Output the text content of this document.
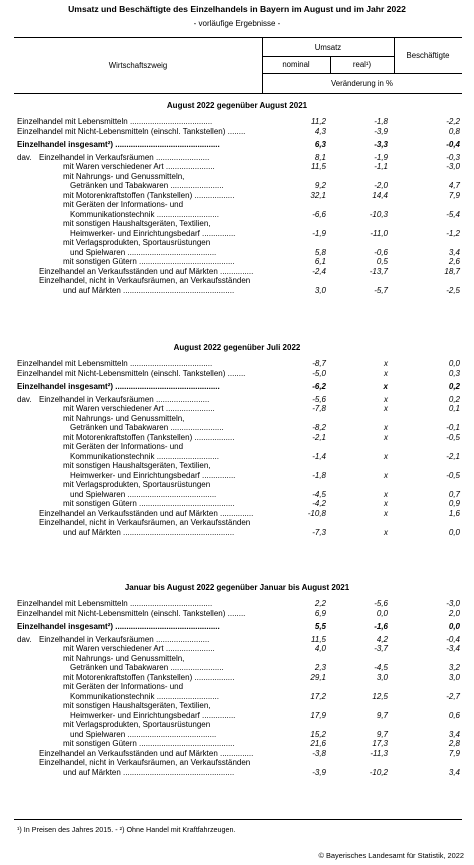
Umsatz und Beschäftigte des Einzelhandels in Bayern im August und im Jahr 2022
- vorläufige Ergebnisse -
Wirtschaftszweig
Umsatz
nominal	real¹)
Beschäftigte
Veränderung in %
August 2022 gegenüber August 2021
Einzelhandel mit Lebensmitteln .....................................	11,2	-1,8	-2,2
Einzelhandel mit Nicht-Lebensmitteln (einschl. Tankstellen) ........	4,3	-3,9	0,8
Einzelhandel insgesamt²) ...............................................	6,3	-3,3	-0,4
dav. Einzelhandel in Verkaufsräumen ........................	8,1	-1,9	-0,3
mit Waren verschiedener Art ......................	11,5	-1,1	-3,0
mit Nahrungs- und Genussmitteln,
Getränken und Tabakwaren ........................	9,2	-2,0	4,7
mit Motorenkraftstoffen (Tankstellen) ..................	32,1	14,4	7,9
mit Geräten der Informations- und
Kommunikationstechnik ............................	-6,6	-10,3	-5,4
mit sonstigen Haushaltsgeräten, Textilien,
Heimwerker- und Einrichtungsbedarf ...............	-1,9	-11,0	-1,2
mit Verlagsprodukten, Sportausrüstungen
und Spielwaren ........................................	5,8	-0,6	3,4
mit sonstigen Gütern ...........................................	6,1	0,5	2,6
Einzelhandel an Verkaufsständen und auf Märkten ...............	-2,4	-13,7	18,7
Einzelhandel, nicht in Verkaufsräumen, an Verkaufsständen
und auf Märkten ..................................................	3,0	-5,7	-2,5
August 2022 gegenüber Juli 2022
Einzelhandel mit Lebensmitteln .....................................	-8,7	x	0,0
Einzelhandel mit Nicht-Lebensmitteln (einschl. Tankstellen) ........	-5,0	x	0,3
Einzelhandel insgesamt²) ...............................................	-6,2	x	0,2
dav. Einzelhandel in Verkaufsräumen ........................	-5,6	x	0,2
mit Waren verschiedener Art ......................	-7,8	x	0,1
mit Nahrungs- und Genussmitteln,
Getränken und Tabakwaren ........................	-8,2	x	-0,1
mit Motorenkraftstoffen (Tankstellen) ..................	-2,1	x	-0,5
mit Geräten der Informations- und
Kommunikationstechnik ............................	-1,4	x	-2,1
mit sonstigen Haushaltsgeräten, Textilien,
Heimwerker- und Einrichtungsbedarf ...............	-1,8	x	-0,5
mit Verlagsprodukten, Sportausrüstungen
und Spielwaren ........................................	-4,5	x	0,7
mit sonstigen Gütern ...........................................	-4,2	x	0,9
Einzelhandel an Verkaufsständen und auf Märkten ...............	-10,8	x	1,6
Einzelhandel, nicht in Verkaufsräumen, an Verkaufsständen
und auf Märkten ..................................................	-7,3	x	0,0
Januar bis August 2022 gegenüber Januar bis August 2021
Einzelhandel mit Lebensmitteln .....................................	2,2	-5,6	-3,0
Einzelhandel mit Nicht-Lebensmitteln (einschl. Tankstellen) ........	6,9	0,0	2,0
Einzelhandel insgesamt²) ...............................................	5,5	-1,6	0,0
dav. Einzelhandel in Verkaufsräumen ........................	11,5	4,2	-0,4
mit Waren verschiedener Art ......................	4,0	-3,7	-3,4
mit Nahrungs- und Genussmitteln,
Getränken und Tabakwaren ........................	2,3	-4,5	3,2
mit Motorenkraftstoffen (Tankstellen) ..................	29,1	3,0	3,0
mit Geräten der Informations- und
Kommunikationstechnik ............................	17,2	12,5	-2,7
mit sonstigen Haushaltsgeräten, Textilien,
Heimwerker- und Einrichtungsbedarf ...............	17,9	9,7	0,6
mit Verlagsprodukten, Sportausrüstungen
und Spielwaren ........................................	15,2	9,7	3,4
mit sonstigen Gütern ...........................................	21,6	17,3	2,8
Einzelhandel an Verkaufsständen und auf Märkten ...............	-3,8	-11,3	7,9
Einzelhandel, nicht in Verkaufsräumen, an Verkaufsständen
und auf Märkten ..................................................	-3,9	-10,2	3,4
¹) In Preisen des Jahres 2015. - ²) Ohne Handel mit Kraftfahrzeugen.
© Bayerisches Landesamt für Statistik, 2022
